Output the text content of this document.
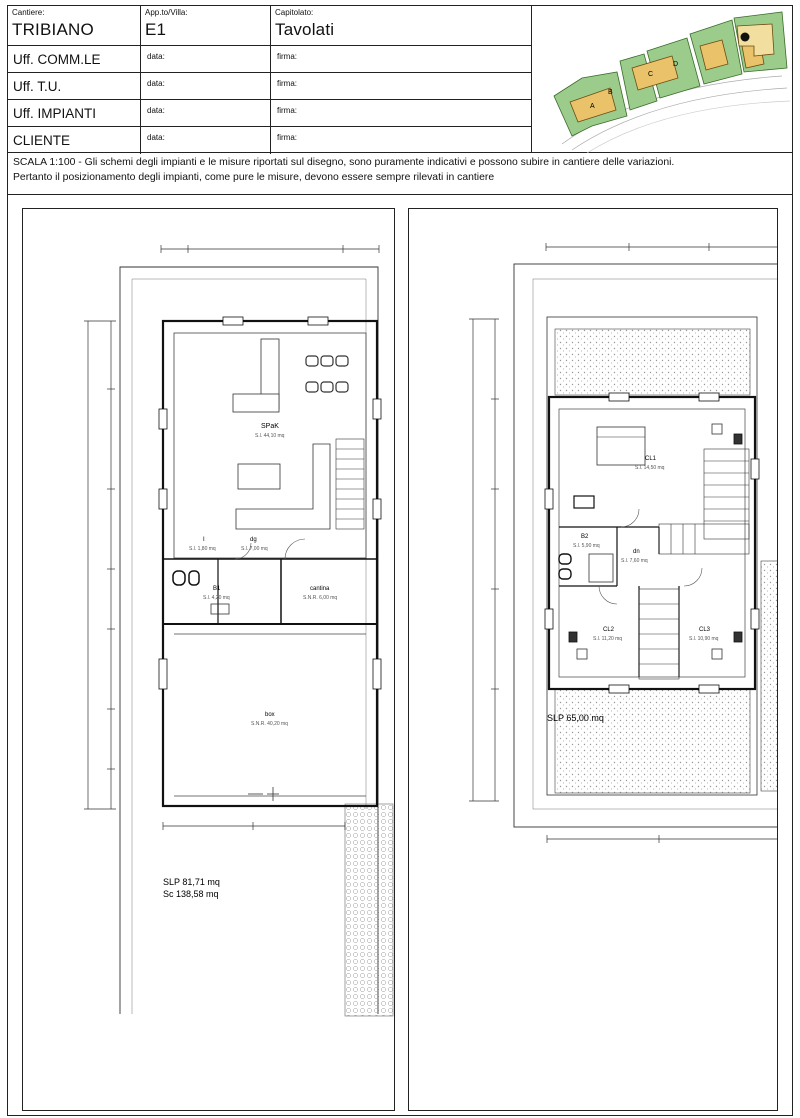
Cantiere:
TRIBIANO
App.to/Villa:
E1
Capitolato:
Tavolati
Uff. COMM.LE	data:	firma:
Uff. T.U.	data:	firma:
Uff. IMPIANTI	data:	firma:
CLIENTE	data:	firma:
A
B
C
D
SCALA 1:100 - Gli schemi degli impianti e le misure riportati sul disegno, sono puramente indicativi e possono subire in cantiere delle variazioni.
Pertanto il posizionamento degli impianti, come pure le misure, devono essere sempre rilevati in cantiere
SPaK
S.l. 44,10 mq
I
S.l. 1,80 mq
dg
S.l. 7,00 mq
B1
S.l. 4,20 mq
cantina
S.N.R. 6,00 mq
box
S.N.R. 40,20 mq
SLP 81,71 mq
Sc 138,58 mq
CL1
S.l. 14,50 mq
B2
S.l. 5,90 mq
dn
S.l. 7,60 mq
CL2
S.l. 11,20 mq
CL3
S.l. 10,90 mq
SLP 65,00 mq
